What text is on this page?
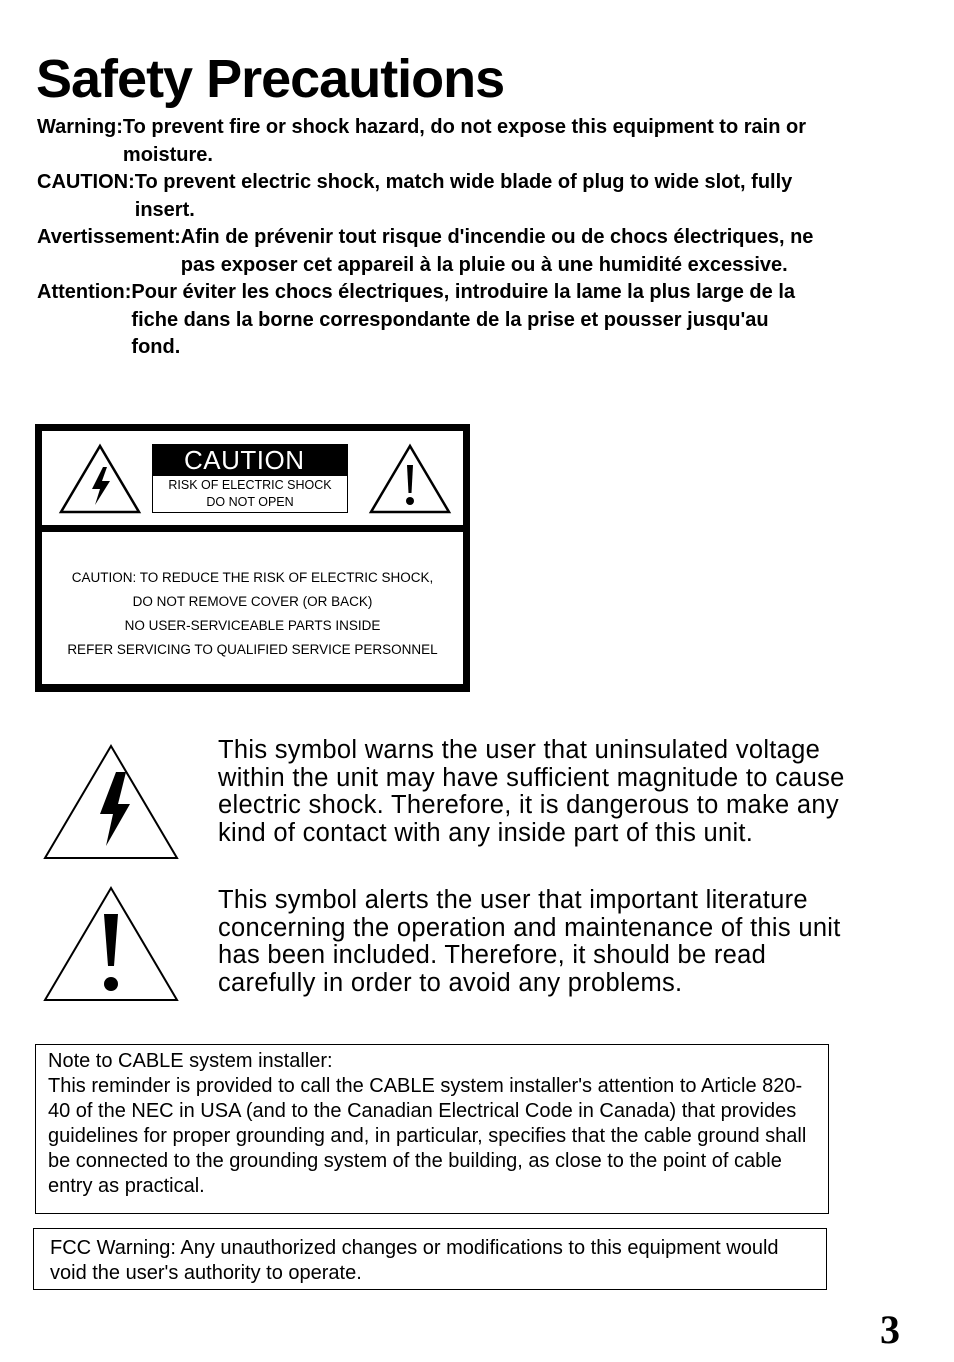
Safety Precautions
Warning: To prevent fire or shock hazard, do not expose this equipment to rain or moisture.
CAUTION: To prevent electric shock, match wide blade of plug to wide slot, fully insert.
Avertissement: Afin de prévenir tout risque d'incendie ou de chocs électriques, ne pas exposer cet appareil à la pluie ou à une humidité excessive.
Attention: Pour éviter les chocs électriques, introduire la lame la plus large de la fiche dans la borne correspondante de la prise et pousser jusqu'au fond.
CAUTION
RISK OF ELECTRIC SHOCK
DO NOT OPEN
CAUTION: TO REDUCE THE RISK OF ELECTRIC SHOCK,
DO NOT REMOVE COVER (OR BACK)
NO USER-SERVICEABLE PARTS INSIDE
REFER SERVICING TO QUALIFIED SERVICE PERSONNEL
This symbol warns the user that uninsulated voltage within the unit may have sufficient magnitude to cause electric shock. Therefore, it is dangerous to make any kind of contact with any inside part of this unit.
This symbol alerts the user that important literature concerning the operation and maintenance of this unit has been included. Therefore, it should be read carefully in order to avoid any problems.
Note to CABLE system installer:
This reminder is provided to call the CABLE system installer's attention to Article 820-40 of the NEC in USA (and to the Canadian Electrical Code in Canada) that provides guidelines for proper grounding and, in particular, specifies that the cable ground shall be connected to the grounding system of the building, as close to the point of cable entry as practical.
FCC Warning: Any unauthorized changes or modifications to this equipment would void the user's authority to operate.
3
